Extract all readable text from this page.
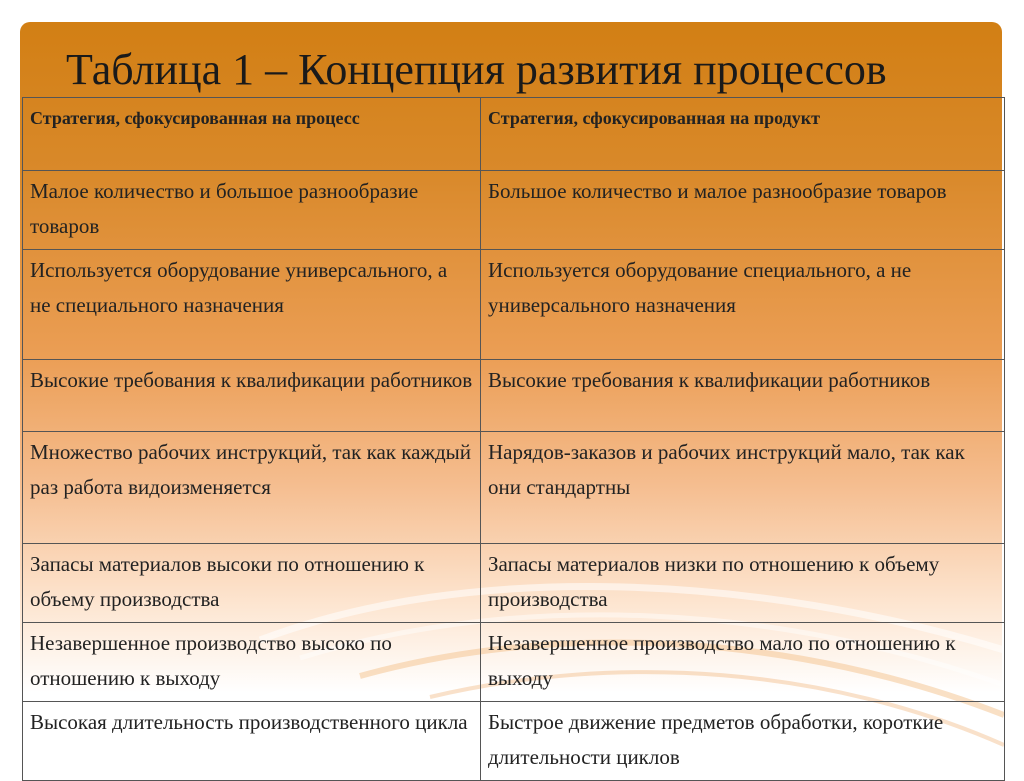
Таблица 1 – Концепция развития процессов
Стратегия, сфокусированная на процесс	Стратегия, сфокусированная на продукт
Малое количество и большое разнообразие товаров	Большое количество и малое разнообразие товаров
Используется оборудование универсального, а не специального назначения	Используется оборудование специального, а не универсального назначения
Высокие требования к квалификации работников	Высокие требования к квалификации работников
Множество рабочих инструкций, так как каждый раз работа видоизменяется	Нарядов-заказов и рабочих инструкций мало, так как они стандартны
Запасы материалов высоки по отношению к объему производства	Запасы материалов низки по отношению к объему производства
Незавершенное производство высоко по отношению к выходу	Незавершенное производство мало по отношению к выходу
Высокая длительность производственного цикла	Быстрое движение предметов обработки, короткие длительности циклов
